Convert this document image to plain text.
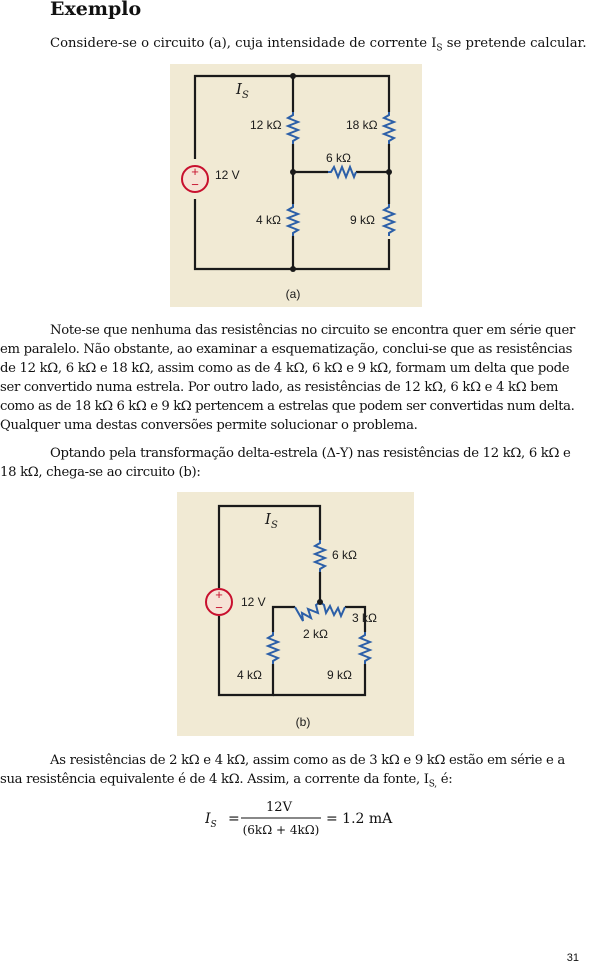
Exemplo

Considere-se o circuito (a), cuja intensidade de corrente $I_S$ se pretende calcular.

+
−
12 V
$I_S$
12 kΩ	18 kΩ
6 kΩ
4 kΩ	9 kΩ
(a)

Note-se que nenhuma das resistências no circuito se encontra quer em série quer

em paralelo. Não obstante, ao examinar a esquematização, conclui-se que as resistências

de 12 kΩ, 6 kΩ e 18 kΩ, assim como as de 4 kΩ, 6 kΩ e 9 kΩ, formam um delta que pode

ser convertido numa estrela. Por outro lado, as resistências de 12 kΩ, 6 kΩ e 4 kΩ bem

como as de 18 kΩ 6 kΩ e 9 kΩ pertencem a estrelas que podem ser convertidas num delta.

Qualquer uma destas conversões permite solucionar o problema.

Optando pela transformação delta-estrela (Δ-Y) nas resistências de 12 kΩ, 6 kΩ e

18 kΩ, chega-se ao circuito (b):

+
− 12 V
$I_S$
6 kΩ
3 kΩ
2 kΩ
4 kΩ	9 kΩ
(b)

As resistências de 2 kΩ e 4 kΩ, assim como as de 3 kΩ e 9 kΩ estão em série e a

sua resistência equivalente é de 4 kΩ. Assim, a corrente da fonte, $I_{S,}$ é:

$I_S$ =
12V
(6kΩ + 4kΩ)
= 1.2 mA
31
